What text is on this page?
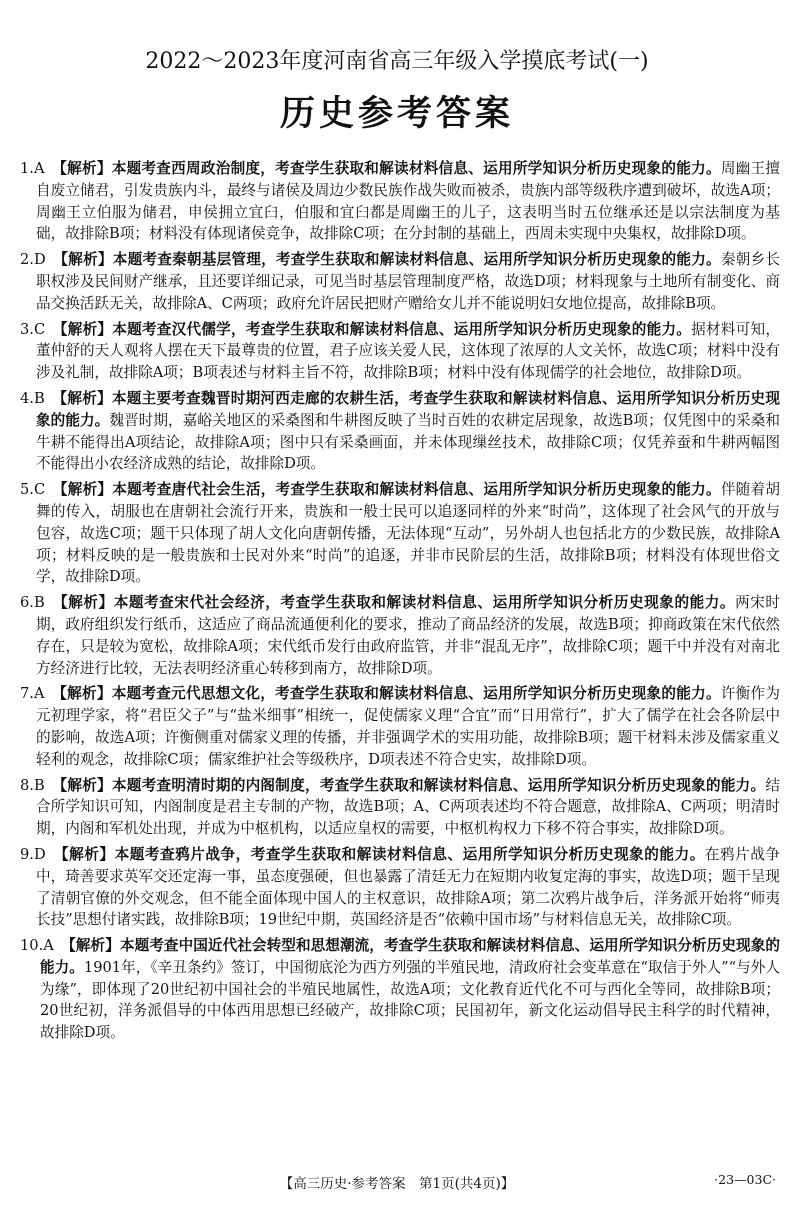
2022～2023年度河南省高三年级入学摸底考试(一)
历史参考答案

1.A　 【解析】本题考查西周政治制度，考查学生获取和解读材料信息、运用所学知识分析历史现象的能力。周幽王擅自废立储君，引发贵族内斗，最终与诸侯及周边少数民族作战失败而被杀，贵族内部等级秩序遭到破坏，故选A项；周幽王立伯服为储君，申侯拥立宜臼，伯服和宜臼都是周幽王的儿子，这表明当时五位继承还是以宗法制度为基础，故排除B项；材料没有体现诸侯竞争，故排除C项；在分封制的基础上，西周未实现中央集权，故排除D项。

2.D　 【解析】本题考查秦朝基层管理，考查学生获取和解读材料信息、运用所学知识分析历史现象的能力。秦朝乡长职权涉及民间财产继承，且还要详细记录，可见当时基层管理制度严格，故选D项；材料现象与土地所有制变化、商品交换活跃无关，故排除A、C两项；政府允许居民把财产赠给女儿并不能说明妇女地位提高，故排除B项。

3.C　 【解析】本题考查汉代儒学，考查学生获取和解读材料信息、运用所学知识分析历史现象的能力。据材料可知，董仲舒的天人观将人摆在天下最尊贵的位置，君子应该关爱人民，这体现了浓厚的人文关怀，故选C项；材料中没有涉及礼制，故排除A项；B项表述与材料主旨不符，故排除B项；材料中没有体现儒学的社会地位，故排除D项。

4.B　 【解析】本题主要考查魏晋时期河西走廊的农耕生活，考查学生获取和解读材料信息、运用所学知识分析历史现象的能力。魏晋时期，嘉峪关地区的采桑图和牛耕图反映了当时百姓的农耕定居现象，故选B项；仅凭图中的采桑和牛耕不能得出A项结论，故排除A项；图中只有采桑画面，并未体现缫丝技术，故排除C项；仅凭养蚕和牛耕两幅图不能得出小农经济成熟的结论，故排除D项。

5.C　 【解析】本题考查唐代社会生活，考查学生获取和解读材料信息、运用所学知识分析历史现象的能力。伴随着胡舞的传入，胡服也在唐朝社会流行开来，贵族和一般士民可以追逐同样的外来“时尚”，这体现了社会风气的开放与包容，故选C项；题干只体现了胡人文化向唐朝传播，无法体现“互动”，另外胡人也包括北方的少数民族，故排除A项；材料反映的是一般贵族和士民对外来“时尚”的追逐，并非市民阶层的生活，故排除B项；材料没有体现世俗文学，故排除D项。

6.B　 【解析】本题考查宋代社会经济，考查学生获取和解读材料信息、运用所学知识分析历史现象的能力。两宋时期，政府组织发行纸币，这适应了商品流通便利化的要求，推动了商品经济的发展，故选B项；抑商政策在宋代依然存在，只是较为宽松，故排除A项；宋代纸币发行由政府监管，并非“混乱无序”，故排除C项；题干中并没有对南北方经济进行比较，无法表明经济重心转移到南方，故排除D项。

7.A　 【解析】本题考查元代思想文化，考查学生获取和解读材料信息、运用所学知识分析历史现象的能力。许衡作为元初理学家，将“君臣父子”与“盐米细事”相统一，促使儒家义理“合宜”而“日用常行”，扩大了儒学在社会各阶层中的影响，故选A项；许衡侧重对儒家义理的传播，并非强调学术的实用功能，故排除B项；题干材料未涉及儒家重义轻利的观念，故排除C项；儒家维护社会等级秩序，D项表述不符合史实，故排除D项。

8.B　 【解析】本题考查明清时期的内阁制度，考查学生获取和解读材料信息、运用所学知识分析历史现象的能力。结合所学知识可知，内阁制度是君主专制的产物，故选B项；A、C两项表述均不符合题意，故排除A、C两项；明清时期，内阁和军机处出现，并成为中枢机构，以适应皇权的需要，中枢机构权力下移不符合事实，故排除D项。

9.D　 【解析】本题考查鸦片战争，考查学生获取和解读材料信息、运用所学知识分析历史现象的能力。在鸦片战争中，琦善要求英军交还定海一事，虽态度强硬，但也暴露了清廷无力在短期内收复定海的事实，故选D项；题干呈现了清朝官僚的外交观念，但不能全面体现中国人的主权意识，故排除A项；第二次鸦片战争后，洋务派开始将“师夷长技”思想付诸实践，故排除B项；19世纪中期，英国经济是否“依赖中国市场”与材料信息无关，故排除C项。

10.A　 【解析】本题考查中国近代社会转型和思想潮流，考查学生获取和解读材料信息、运用所学知识分析历史现象的能力。1901年，《辛丑条约》签订，中国彻底沦为西方列强的半殖民地，清政府社会变革意在“取信于外人”“与外人为缘”，即体现了20世纪初中国社会的半殖民地属性，故选A项；文化教育近代化不可与西化全等同，故排除B项；20世纪初，洋务派倡导的中体西用思想已经破产，故排除C项；民国初年，新文化运动倡导民主科学的时代精神，故排除D项。

【高三历史·参考答案　第1页(共4页)】	·23—03C·
